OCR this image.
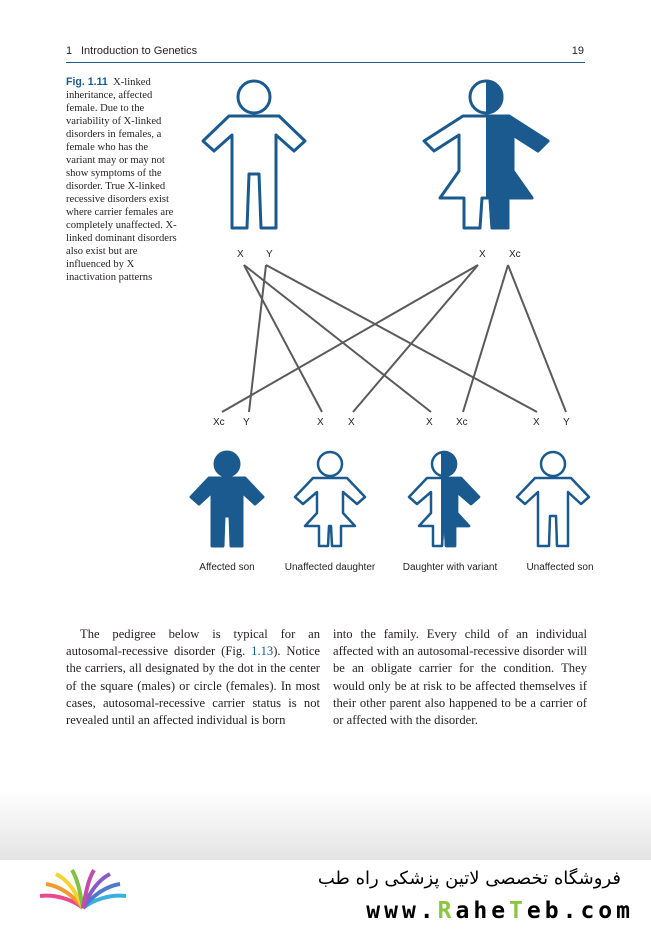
1 Introduction to Genetics	19
Fig. 1.11 X-linked inheritance, affected female. Due to the variability of X-linked disorders in females, a female who has the variant may or may not show symptoms of the disorder. True X-linked recessive disorders exist where carrier females are completely unaffected. X-linked dominant disorders also exist but are influenced by X inactivation patterns
X Y	X Xc
Xc Y	X X	X Xc	X Y
Affected son	Unaffected daughter	Daughter with variant	Unaffected son

The pedigree below is typical for an autosomal-recessive disorder (Fig. 1.13). Notice the carriers, all designated by the dot in the center of the square (males) or circle (females). In most cases, autosomal-recessive carrier status is not revealed until an affected individual is born

into the family. Every child of an individual affected with an autosomal-recessive disorder will be an obligate carrier for the condition. They would only be at risk to be affected themselves if their other parent also happened to be a carrier of or affected with the disorder.

فروشگاه تخصصی لاتین پزشکی راه طب
www.RaheTeb.com
